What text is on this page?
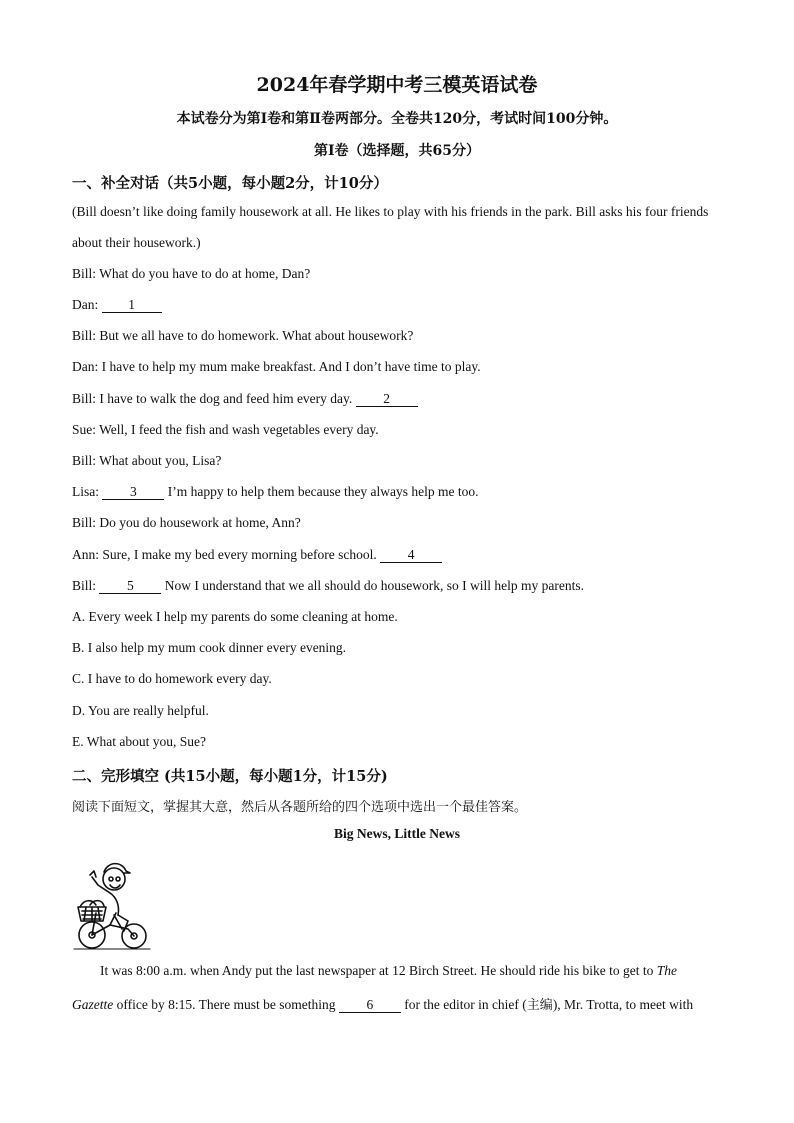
2024年春学期中考三模英语试卷
本试卷分为第Ⅰ卷和第Ⅱ卷两部分。全卷共120分，考试时间100分钟。
第Ⅰ卷（选择题，共65分）
一、补全对话（共5小题，每小题2分，计10分）
(Bill doesn’t like doing family housework at all. He likes to play with his friends in the park. Bill asks his four friends
about their housework.)
Bill: What do you have to do at home, Dan?
Dan: 1
Bill: But we all have to do homework. What about housework?
Dan: I have to help my mum make breakfast. And I don’t have time to play.
Bill: I have to walk the dog and feed him every day. 2
Sue: Well, I feed the fish and wash vegetables every day.
Bill: What about you, Lisa?
Lisa: 3 I’m happy to help them because they always help me too.
Bill: Do you do housework at home, Ann?
Ann: Sure, I make my bed every morning before school. 4
Bill: 5 Now I understand that we all should do housework, so I will help my parents.
A. Every week I help my parents do some cleaning at home.
B. I also help my mum cook dinner every evening.
C. I have to do homework every day.
D. You are really helpful.
E. What about you, Sue?
二、完形填空 (共15小题，每小题1分，计15分)
阅读下面短文，掌握其大意，然后从各题所给的四个选项中选出一个最佳答案。
Big News, Little News
It was 8:00 a.m. when Andy put the last newspaper at 12 Birch Street. He should ride his bike to get to The
Gazette office by 8:15. There must be something 6 for the editor in chief (主编), Mr. Trotta, to meet with
